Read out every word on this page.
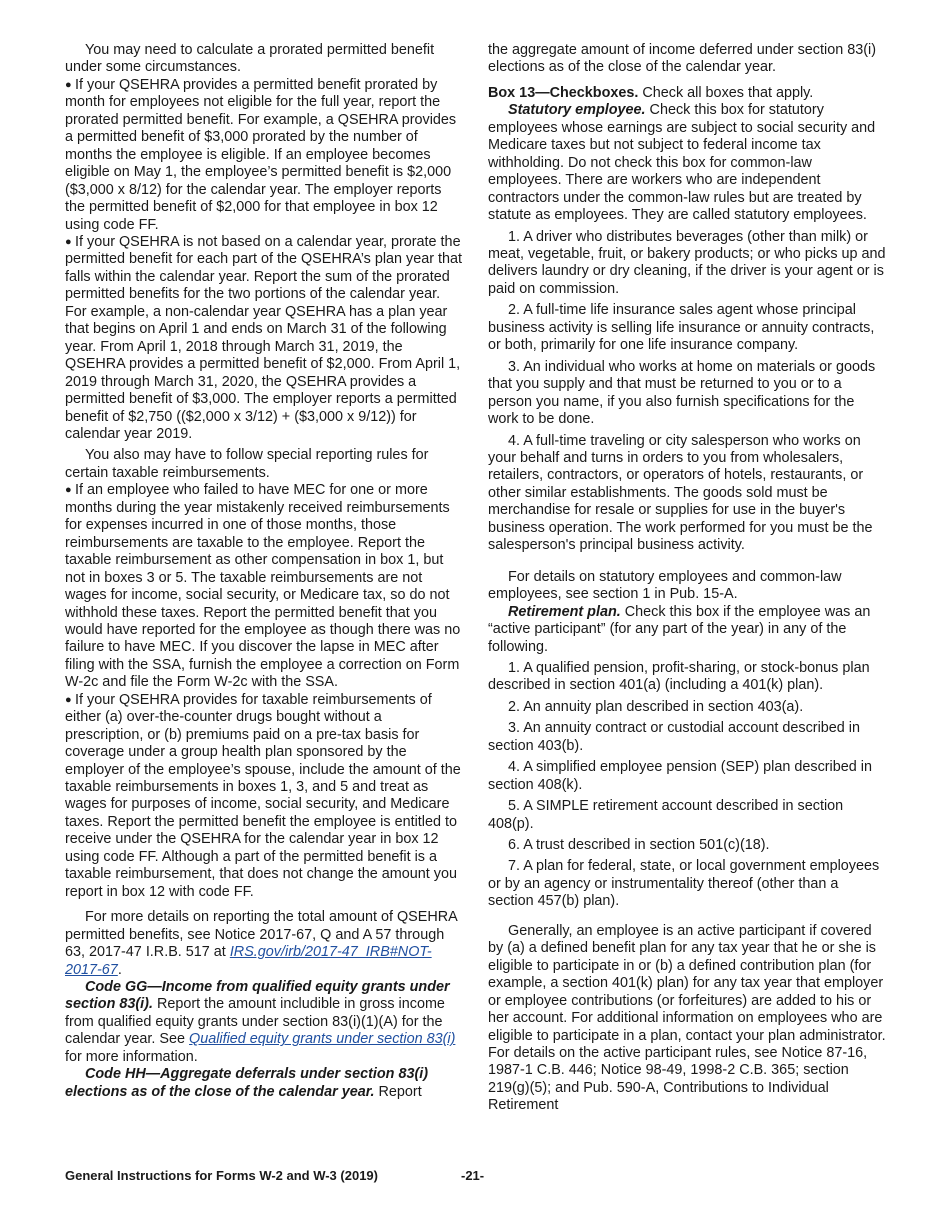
You may need to calculate a prorated permitted benefit under some circumstances.

● If your QSEHRA provides a permitted benefit prorated by month for employees not eligible for the full year, report the prorated permitted benefit. For example, a QSEHRA provides a permitted benefit of $3,000 prorated by the number of months the employee is eligible. If an employee becomes eligible on May 1, the employee’s permitted benefit is $2,000 ($3,000 x 8/12) for the calendar year. The employer reports the permitted benefit of $2,000 for that employee in box 12 using code FF.

● If your QSEHRA is not based on a calendar year, prorate the permitted benefit for each part of the QSEHRA’s plan year that falls within the calendar year. Report the sum of the prorated permitted benefits for the two portions of the calendar year. For example, a non-calendar year QSEHRA has a plan year that begins on April 1 and ends on March 31 of the following year. From April 1, 2018 through March 31, 2019, the QSEHRA provides a permitted benefit of $2,000. From April 1, 2019 through March 31, 2020, the QSEHRA provides a permitted benefit of $3,000. The employer reports a permitted benefit of $2,750 (($2,000 x 3/12) + ($3,000 x 9/12)) for calendar year 2019.

You also may have to follow special reporting rules for certain taxable reimbursements.

● If an employee who failed to have MEC for one or more months during the year mistakenly received reimbursements for expenses incurred in one of those months, those reimbursements are taxable to the employee. Report the taxable reimbursement as other compensation in box 1, but not in boxes 3 or 5. The taxable reimbursements are not wages for income, social security, or Medicare tax, so do not withhold these taxes. Report the permitted benefit that you would have reported for the employee as though there was no failure to have MEC. If you discover the lapse in MEC after filing with the SSA, furnish the employee a correction on Form W-2c and file the Form W-2c with the SSA.

● If your QSEHRA provides for taxable reimbursements of either (a) over-the-counter drugs bought without a prescription, or (b) premiums paid on a pre-tax basis for coverage under a group health plan sponsored by the employer of the employee’s spouse, include the amount of the taxable reimbursements in boxes 1, 3, and 5 and treat as wages for purposes of income, social security, and Medicare taxes. Report the permitted benefit the employee is entitled to receive under the QSEHRA for the calendar year in box 12 using code FF. Although a part of the permitted benefit is a taxable reimbursement, that does not change the amount you report in box 12 with code FF.

For more details on reporting the total amount of QSEHRA permitted benefits, see Notice 2017-67, Q and A 57 through 63, 2017-47 I.R.B. 517 at IRS.gov/irb/2017-47_IRB#NOT-2017-67.

Code GG—Income from qualified equity grants under section 83(i). Report the amount includible in gross income from qualified equity grants under section 83(i)(1)(A) for the calendar year. See Qualified equity grants under section 83(i) for more information.

Code HH—Aggregate deferrals under section 83(i) elections as of the close of the calendar year. Report

the aggregate amount of income deferred under section 83(i) elections as of the close of the calendar year.

Box 13—Checkboxes. Check all boxes that apply.

Statutory employee. Check this box for statutory employees whose earnings are subject to social security and Medicare taxes but not subject to federal income tax withholding. Do not check this box for common-law employees. There are workers who are independent contractors under the common-law rules but are treated by statute as employees. They are called statutory employees.

1. A driver who distributes beverages (other than milk) or meat, vegetable, fruit, or bakery products; or who picks up and delivers laundry or dry cleaning, if the driver is your agent or is paid on commission.

2. A full-time life insurance sales agent whose principal business activity is selling life insurance or annuity contracts, or both, primarily for one life insurance company.

3. An individual who works at home on materials or goods that you supply and that must be returned to you or to a person you name, if you also furnish specifications for the work to be done.

4. A full-time traveling or city salesperson who works on your behalf and turns in orders to you from wholesalers, retailers, contractors, or operators of hotels, restaurants, or other similar establishments. The goods sold must be merchandise for resale or supplies for use in the buyer's business operation. The work performed for you must be the salesperson's principal business activity.

For details on statutory employees and common-law employees, see section 1 in Pub. 15-A.

Retirement plan. Check this box if the employee was an “active participant” (for any part of the year) in any of the following.

1. A qualified pension, profit-sharing, or stock-bonus plan described in section 401(a) (including a 401(k) plan).

2. An annuity plan described in section 403(a).

3. An annuity contract or custodial account described in section 403(b).

4. A simplified employee pension (SEP) plan described in section 408(k).

5. A SIMPLE retirement account described in section 408(p).

6. A trust described in section 501(c)(18).

7. A plan for federal, state, or local government employees or by an agency or instrumentality thereof (other than a section 457(b) plan).

Generally, an employee is an active participant if covered by (a) a defined benefit plan for any tax year that he or she is eligible to participate in or (b) a defined contribution plan (for example, a section 401(k) plan) for any tax year that employer or employee contributions (or forfeitures) are added to his or her account. For additional information on employees who are eligible to participate in a plan, contact your plan administrator. For details on the active participant rules, see Notice 87-16, 1987-1 C.B. 446; Notice 98-49, 1998-2 C.B. 365; section 219(g)(5); and Pub. 590-A, Contributions to Individual Retirement

General Instructions for Forms W-2 and W-3 (2019)	-21-
